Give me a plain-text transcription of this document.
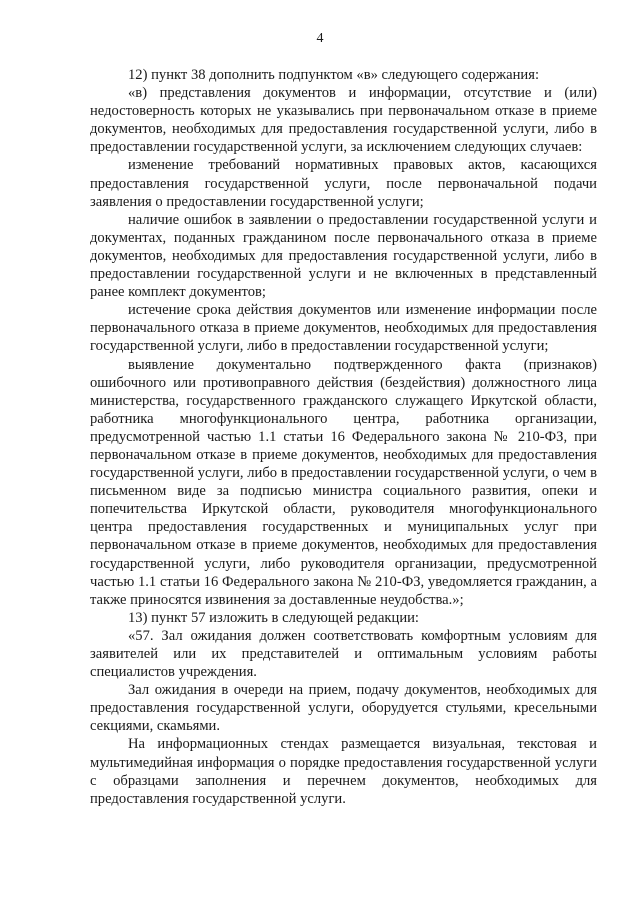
4

12) пункт 38 дополнить подпунктом «в» следующего содержания:

«в) представления документов и информации, отсутствие и (или) недостоверность которых не указывались при первоначальном отказе в приеме документов, необходимых для предоставления государственной услуги, либо в предоставлении государственной услуги, за исключением следующих случаев:

изменение требований нормативных правовых актов, касающихся предоставления государственной услуги, после первоначальной подачи заявления о предоставлении государственной услуги;

наличие ошибок в заявлении о предоставлении государственной услуги и документах, поданных гражданином после первоначального отказа в приеме документов, необходимых для предоставления государственной услуги, либо в предоставлении государственной услуги и не включенных в представленный ранее комплект документов;

истечение срока действия документов или изменение информации после первоначального отказа в приеме документов, необходимых для предоставления государственной услуги, либо в предоставлении государственной услуги;

выявление документально подтвержденного факта (признаков) ошибочного или противоправного действия (бездействия) должностного лица министерства, государственного гражданского служащего Иркутской области, работника многофункционального центра, работника организации, предусмотренной частью 1.1 статьи 16 Федерального закона № 210-ФЗ, при первоначальном отказе в приеме документов, необходимых для предоставления государственной услуги, либо в предоставлении государственной услуги, о чем в письменном виде за подписью министра социального развития, опеки и попечительства Иркутской области, руководителя многофункционального центра предоставления государственных и муниципальных услуг при первоначальном отказе в приеме документов, необходимых для предоставления государственной услуги, либо руководителя организации, предусмотренной частью 1.1 статьи 16 Федерального закона № 210-ФЗ, уведомляется гражданин, а также приносятся извинения за доставленные неудобства.»;

13) пункт 57 изложить в следующей редакции:

«57. Зал ожидания должен соответствовать комфортным условиям для заявителей или их представителей и оптимальным условиям работы специалистов учреждения.

Зал ожидания в очереди на прием, подачу документов, необходимых для предоставления государственной услуги, оборудуется стульями, кресельными секциями, скамьями.

На информационных стендах размещается визуальная, текстовая и мультимедийная информация о порядке предоставления государственной услуги с образцами заполнения и перечнем документов, необходимых для предоставления государственной услуги.
